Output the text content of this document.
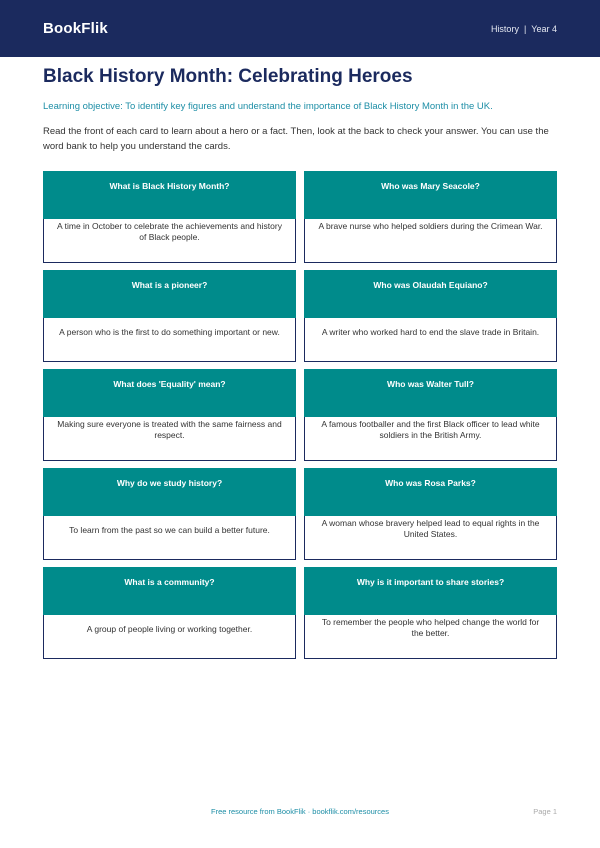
BookFlik	History | Year 4
Black History Month: Celebrating Heroes

Learning objective: To identify key figures and understand the importance of Black History Month in the UK.

Read the front of each card to learn about a hero or a fact. Then, look at the back to check your answer. You can use the word bank to help you understand the cards.

What is Black History Month?
A time in October to celebrate the achievements and history of Black people.
Who was Mary Seacole?
A brave nurse who helped soldiers during the Crimean War.
What is a pioneer?
A person who is the first to do something important or new.
Who was Olaudah Equiano?
A writer who worked hard to end the slave trade in Britain.
What does 'Equality' mean?
Making sure everyone is treated with the same fairness and respect.
Who was Walter Tull?
A famous footballer and the first Black officer to lead white soldiers in the British Army.
Why do we study history?
To learn from the past so we can build a better future.
Who was Rosa Parks?
A woman whose bravery helped lead to equal rights in the United States.
What is a community?
A group of people living or working together.
Why is it important to share stories?
To remember the people who helped change the world for the better.
Free resource from BookFlik · bookflik.com/resources	Page 1
